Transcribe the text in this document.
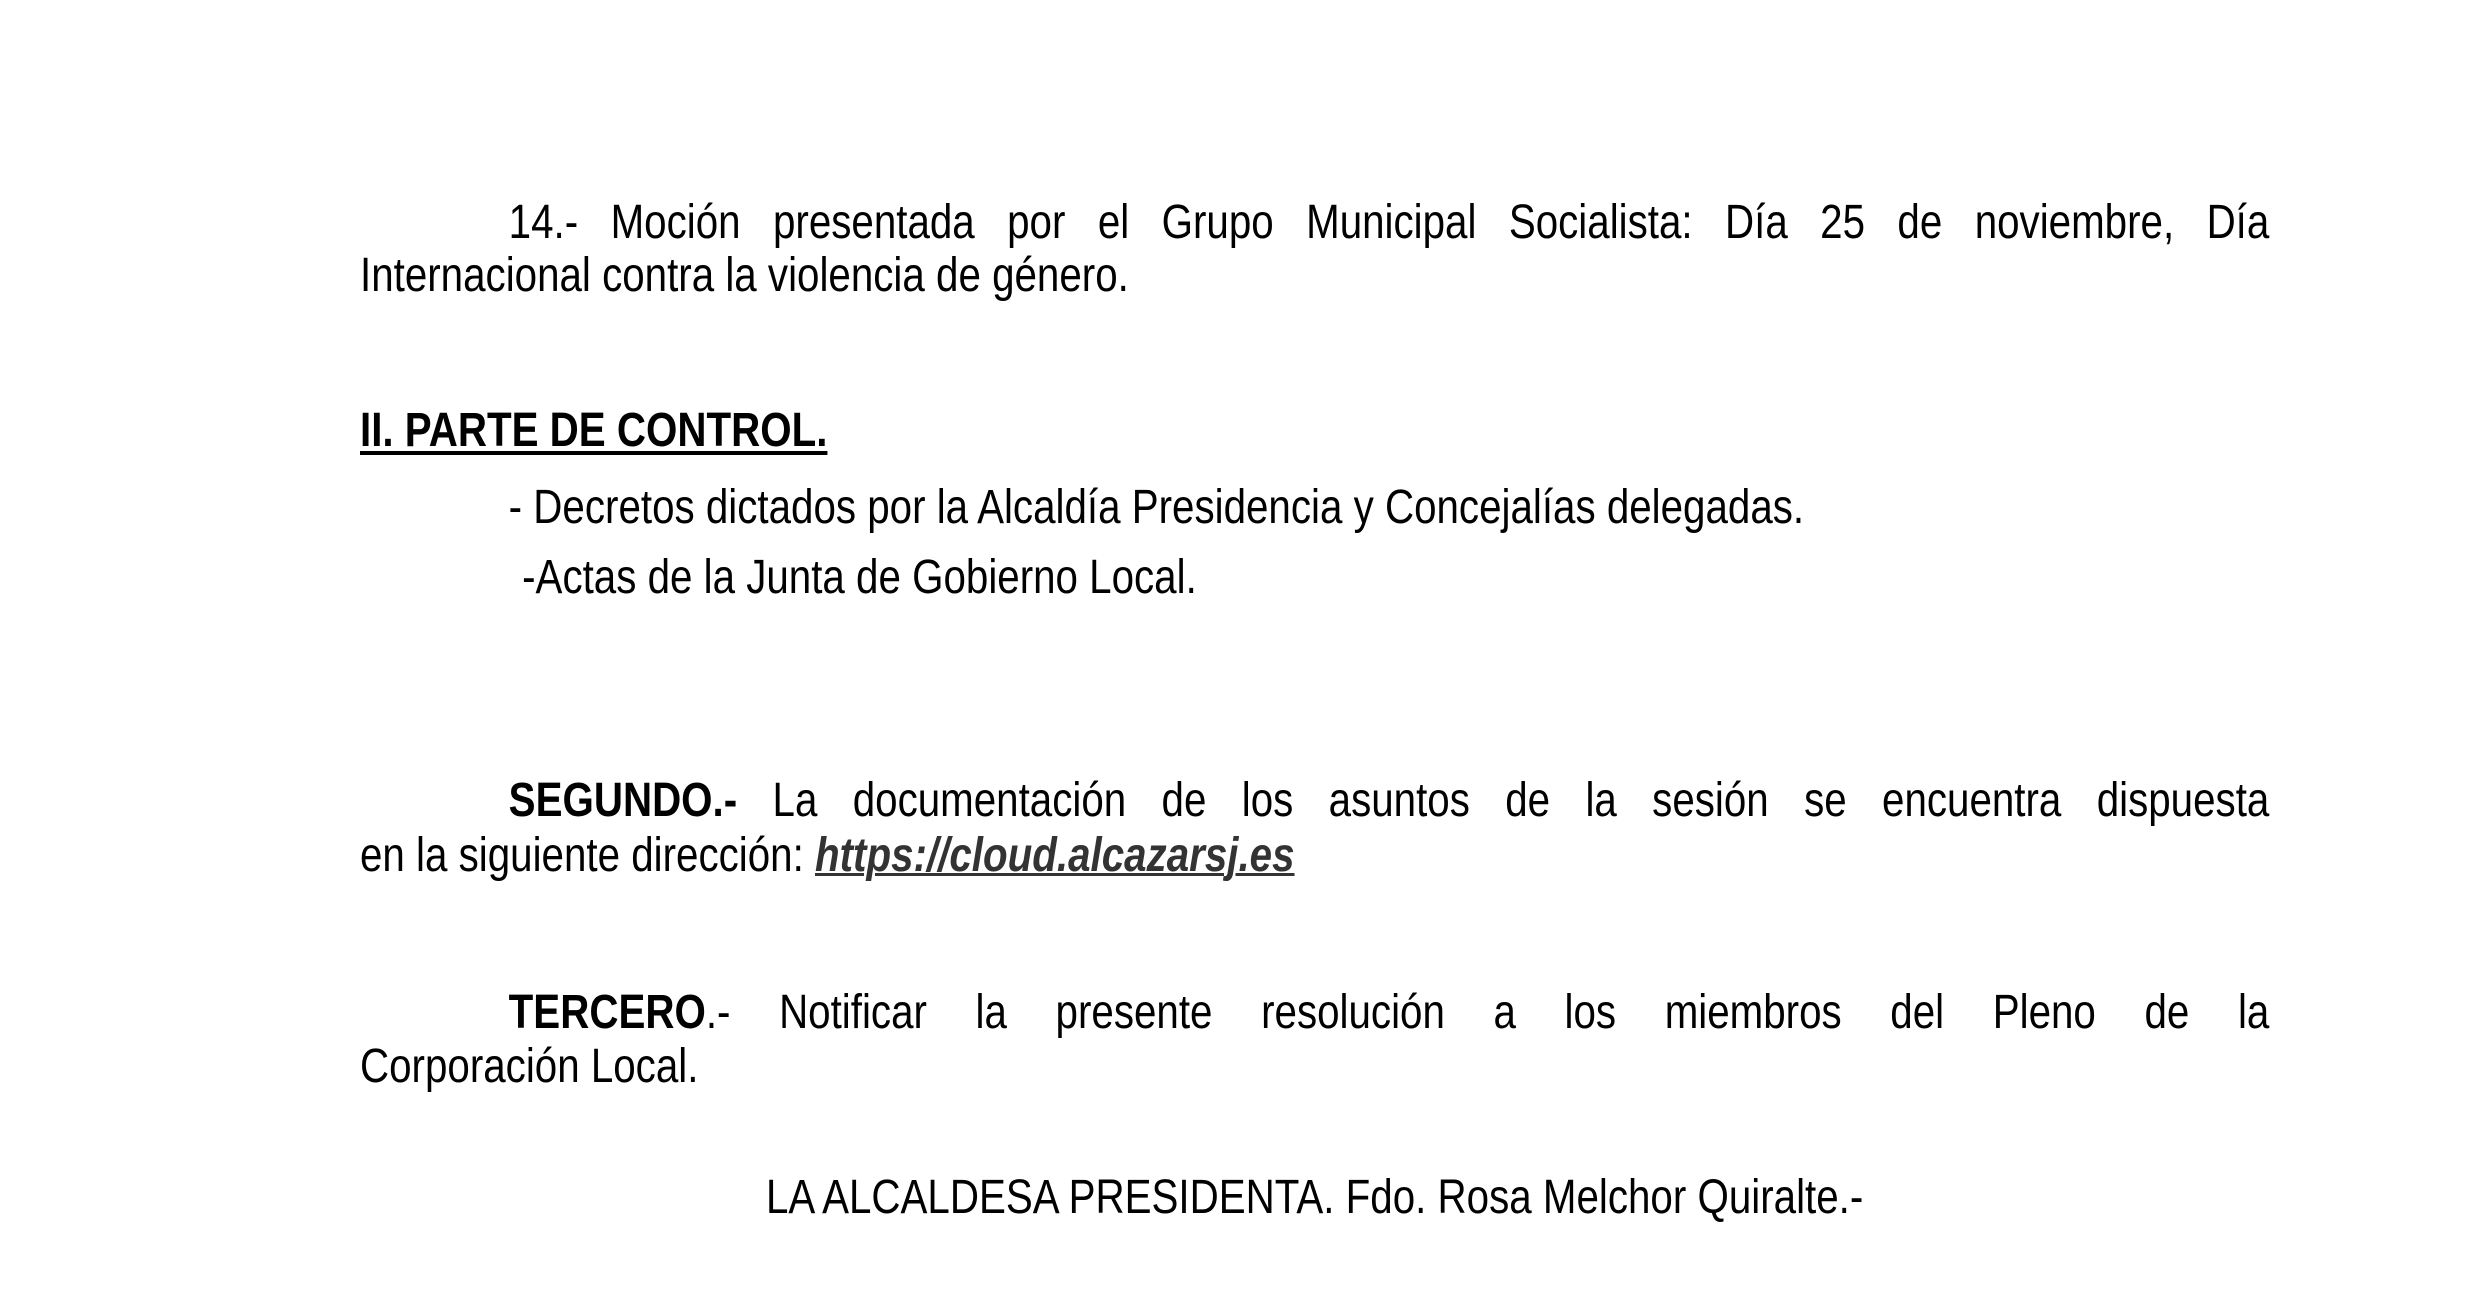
14.- Moción presentada por el Grupo Municipal Socialista: Día 25 de noviembre, Día
Internacional contra la violencia de género.
II. PARTE DE CONTROL.
- Decretos dictados por la Alcaldía Presidencia y Concejalías delegadas.
-Actas de la Junta de Gobierno Local.
SEGUNDO.- La documentación de los asuntos de la sesión se encuentra dispuesta
en la siguiente dirección: https://cloud.alcazarsj.es
TERCERO.- Notificar la presente resolución a los miembros del Pleno de la
Corporación Local.
LA ALCALDESA PRESIDENTA. Fdo. Rosa Melchor Quiralte.-
